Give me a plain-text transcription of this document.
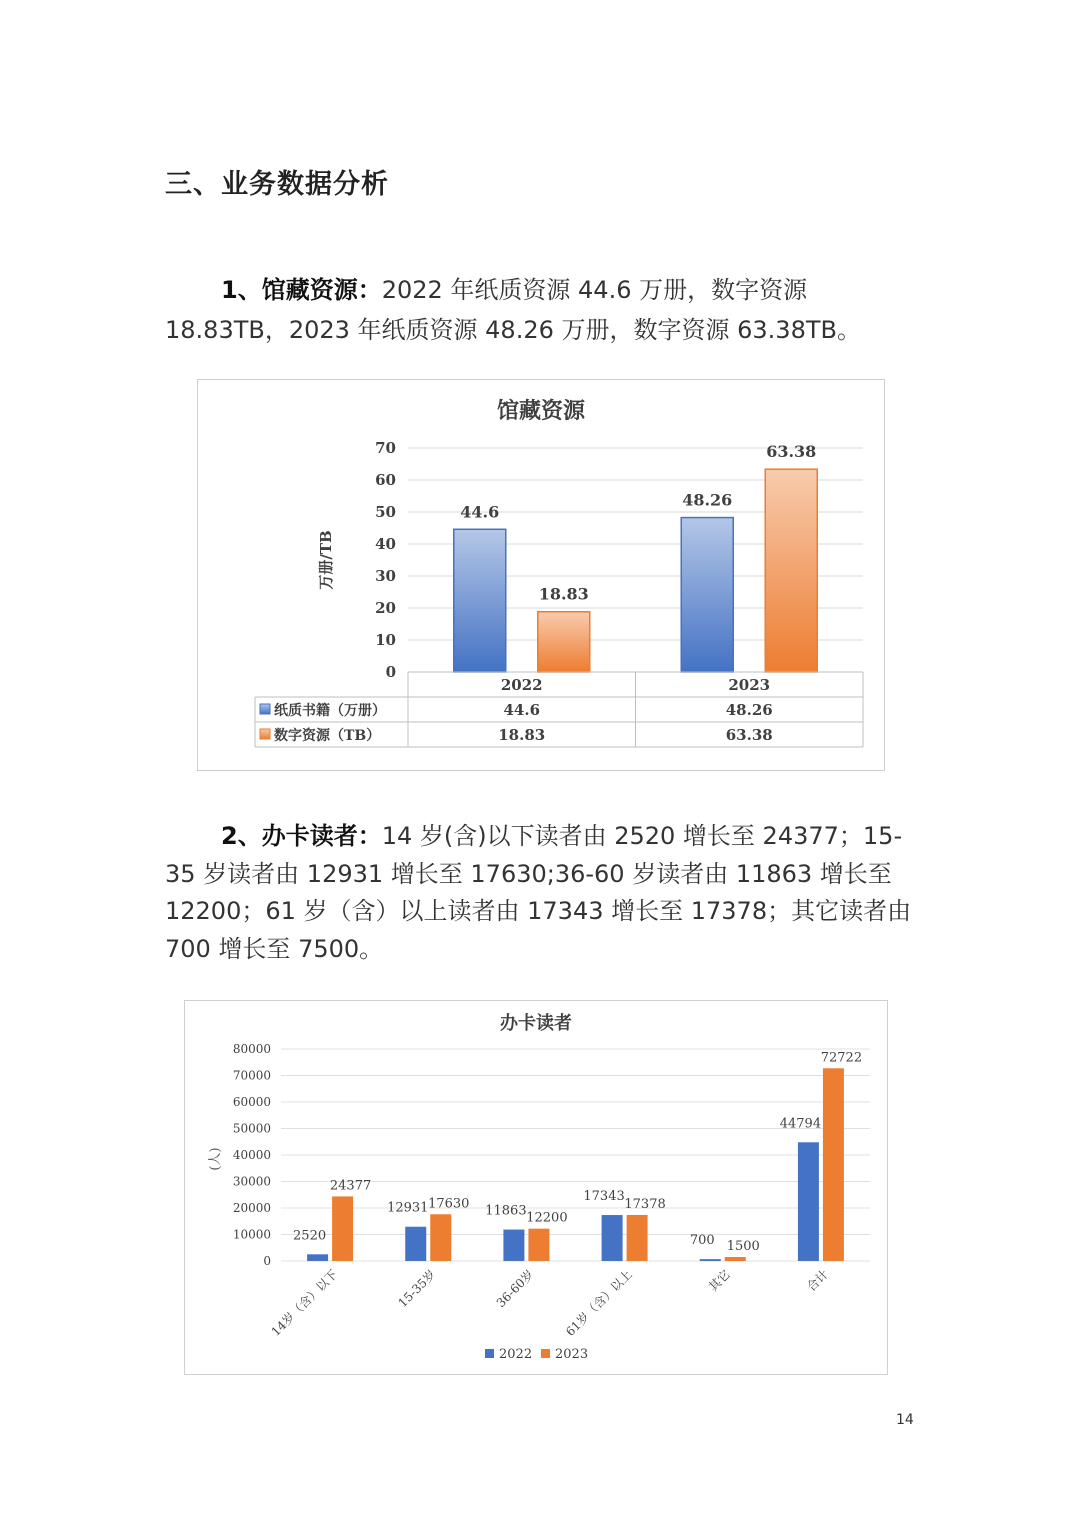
三、业务数据分析
1、馆藏资源：2022 年纸质资源 44.6 万册，数字资源 18.83TB，2023 年纸质资源 48.26 万册，数字资源 63.38TB。
馆藏资源
0
10
20
30
40
50
60
70
万册/TB
44.6
18.83
48.26
63.38
2022	2023
纸质书籍（万册）	44.6	48.26
数字资源（TB）	18.83	63.38
2、办卡读者：14 岁(含)以下读者由 2520 增长至 24377；15-35 岁读者由 12931 增长至 17630;36-60 岁读者由 11863 增长至 12200；61 岁（含）以上读者由 17343 增长至 17378；其它读者由 700 增长至 7500。
办卡读者
0
10000
20000
30000
40000
50000
60000
70000
80000
(人)
2520
24377
14岁（含）以下
12931 17630
15-35岁
11863 12200
36-60岁
17343
17378
61岁（含）以上
700 1500
其它
44794
72722
合计
2022 2023
14
